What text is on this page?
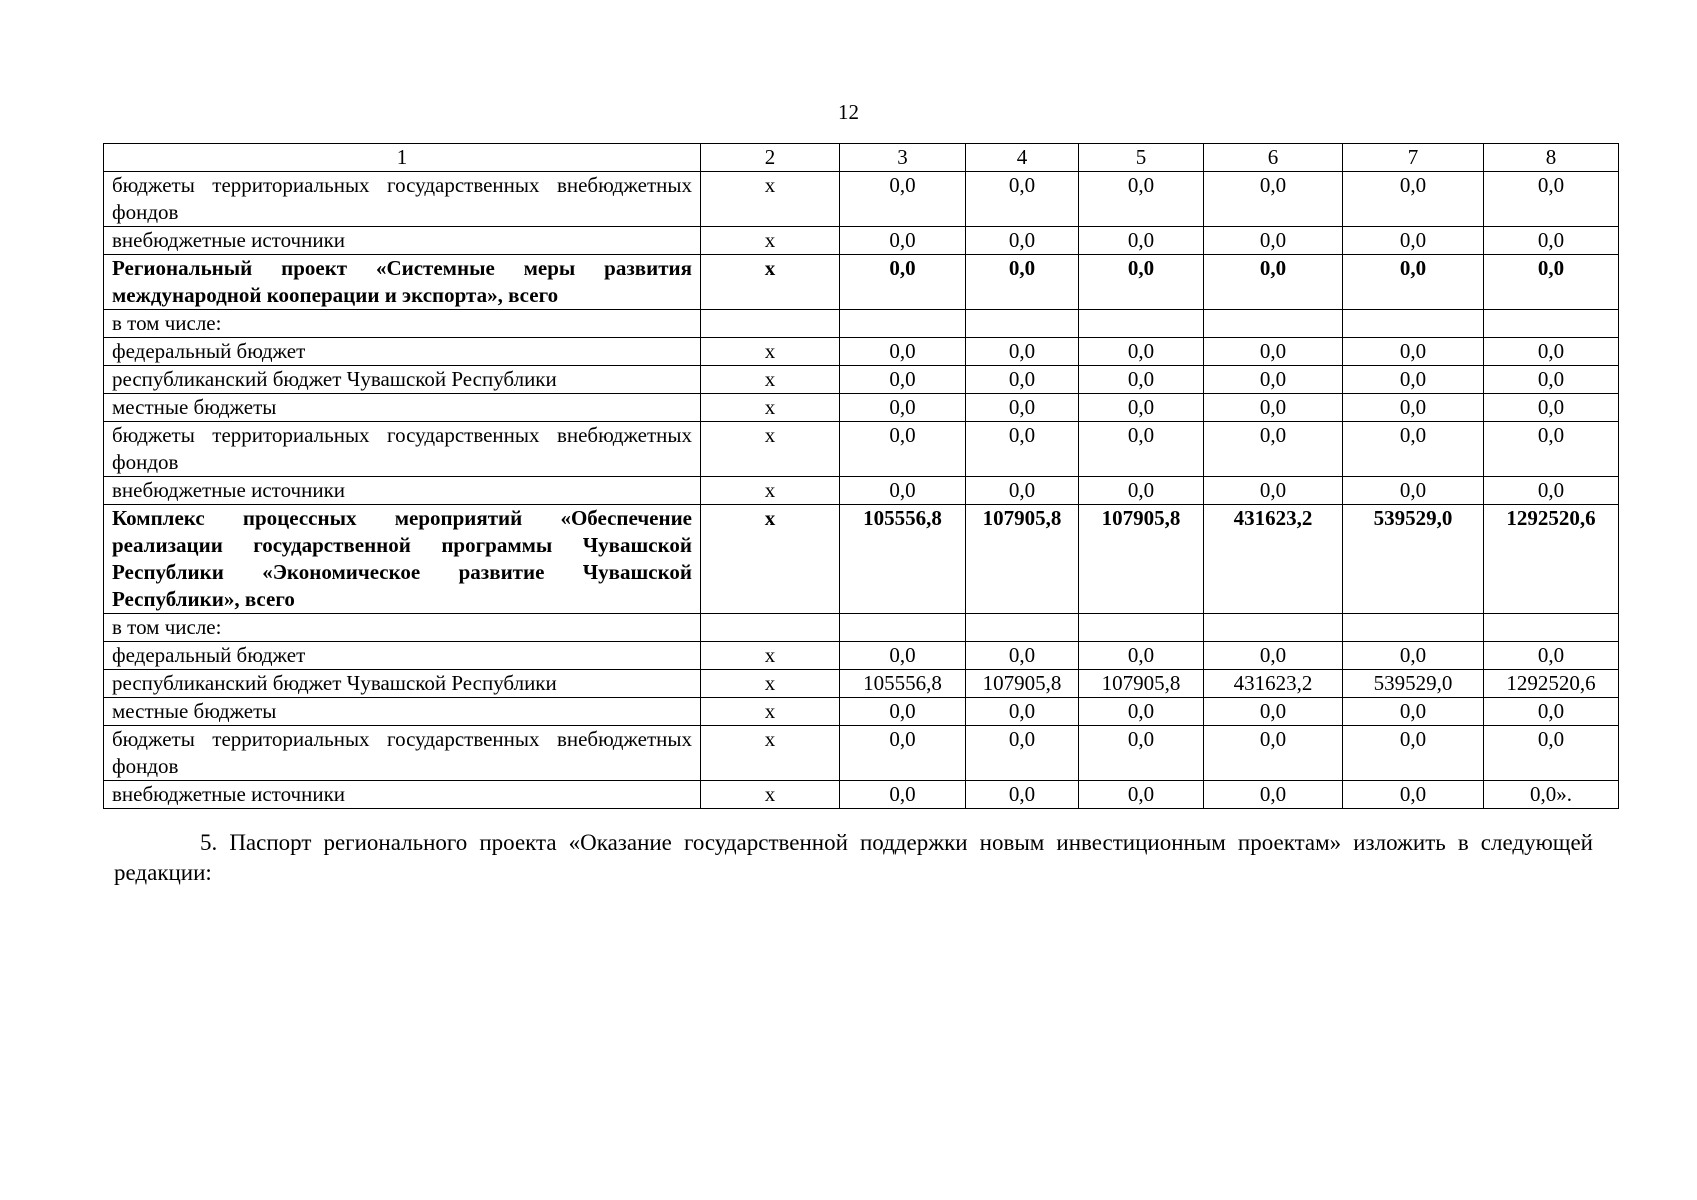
12
1	2	3	4	5	6	7	8
бюджеты территориальных государственных внебюджетных фондов	х	0,0	0,0	0,0	0,0	0,0	0,0
внебюджетные источники	х	0,0	0,0	0,0	0,0	0,0	0,0
Региональный проект «Системные меры развития международной кооперации и экспорта», всего	х	0,0	0,0	0,0	0,0	0,0	0,0
в том числе:							
федеральный бюджет	х	0,0	0,0	0,0	0,0	0,0	0,0
республиканский бюджет Чувашской Республики	х	0,0	0,0	0,0	0,0	0,0	0,0
местные бюджеты	х	0,0	0,0	0,0	0,0	0,0	0,0
бюджеты территориальных государственных внебюджетных фондов	х	0,0	0,0	0,0	0,0	0,0	0,0
внебюджетные источники	х	0,0	0,0	0,0	0,0	0,0	0,0
Комплекс процессных мероприятий «Обеспечение реализации государственной программы Чувашской Республики «Экономическое развитие Чувашской Республики», всего	х	105556,8	107905,8	107905,8	431623,2	539529,0	1292520,6
в том числе:							
федеральный бюджет	х	0,0	0,0	0,0	0,0	0,0	0,0
республиканский бюджет Чувашской Республики	х	105556,8	107905,8	107905,8	431623,2	539529,0	1292520,6
местные бюджеты	х	0,0	0,0	0,0	0,0	0,0	0,0
бюджеты территориальных государственных внебюджетных фондов	х	0,0	0,0	0,0	0,0	0,0	0,0
внебюджетные источники	х	0,0	0,0	0,0	0,0	0,0	0,0».
5. Паспорт регионального проекта «Оказание государственной поддержки новым инвестиционным проектам» изложить в следующей редакции:
